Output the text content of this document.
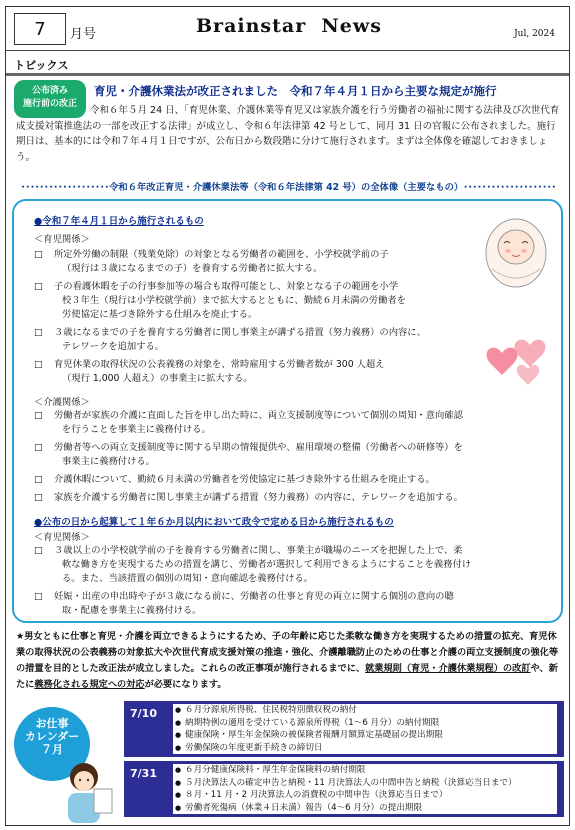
7 月号	Brainstar  News	Jul, 2024
トピックス
公布済み
施行前の改正
育児・介護休業法が改正されました　令和７年４月１日から主要な規定が施行
令和６年５月 24 日、「育児休業、介護休業等育児又は家族介護を行う労働者の福祉に関する法律及び次世代育成支援対策推進法の一部を改正する法律」が成立し、令和６年法律第 42 号として、同月 31 日の官報に公布されました。施行期日は、基本的には令和７年４月１日ですが、公布日から数段階に分けて施行されます。まずは全体像を確認しておきましょう。
･･･････････････････令和６年改正育児・介護休業法等（令和６年法律第 42 号）の全体像（主要なもの）････････････････････
●令和７年４月１日から施行されるもの
＜育児関係＞
＜介護関係＞
●公布の日から起算して１年６か月以内において政令で定める日から施行されるもの
＜育児関係＞
□ 所定外労働の制限（残業免除）の対象となる労働者の範囲を、小学校就学前の子
（現行は３歳になるまでの子）を養育する労働者に拡大する。
□ 子の看護休暇を子の行事参加等の場合も取得可能とし、対象となる子の範囲を小学
校３年生（現行は小学校就学前）まで拡大するとともに、勤続６月未満の労働者を
労使協定に基づき除外する仕組みを廃止する。
□ ３歳になるまでの子を養育する労働者に関し事業主が講ずる措置（努力義務）の内容に、
テレワークを追加する。
□ 育児休業の取得状況の公表義務の対象を、常時雇用する労働者数が 300 人超え
（現行 1,000 人超え）の事業主に拡大する。
□ 労働者が家族の介護に直面した旨を申し出た時に、両立支援制度等について個別の周知・意向確認
を行うことを事業主に義務付ける。
□ 労働者等への両立支援制度等に関する早期の情報提供や、雇用環境の整備（労働者への研修等）を
事業主に義務付ける。
□ 介護休暇について、勤続６月未満の労働者を労使協定に基づき除外する仕組みを廃止する。
□ 家族を介護する労働者に関し事業主が講ずる措置（努力義務）の内容に、テレワークを追加する。
□ ３歳以上の小学校就学前の子を養育する労働者に関し、事業主が職場のニーズを把握した上で、柔
軟な働き方を実現するための措置を講じ、労働者が選択して利用できるようにすることを義務付け
る。また、当該措置の個別の周知・意向確認を義務付ける。
□ 妊娠・出産の申出時や子が３歳になる前に、労働者の仕事と育児の両立に関する個別の意向の聴
取・配慮を事業主に義務付ける。
★男女ともに仕事と育児・介護を両立できるようにするため、子の年齢に応じた柔軟な働き方を実現するための措置の拡充、育児休業の取得状況の公表義務の対象拡大や次世代育成支援対策の推進・強化、介護離職防止のための仕事と介護の両立支援制度の強化等の措置を目的とした改正法が成立しました。これらの改正事項が施行されるまでに、就業規則（育児・介護休業規程）の改訂や、新たに義務化される規定への対応が必要になります。
お仕事
カレンダー
７月
7/10	● ６月分源泉所得税、住民税特別徴収税の納付
● 納期特例の適用を受けている源泉所得税（1〜6 月分）の納付期限
● 健康保険・厚生年金保険の被保険者報酬月額算定基礎届の提出期限
● 労働保険の年度更新手続きの締切日
7/31	● ６月分健康保険料・厚生年金保険料の納付期限
● ５月決算法人の確定申告と納税・11 月決算法人の中間申告と納税（決算応当日まで）
● ８月・11 月・2 月決算法人の消費税の中間申告（決算応当日まで）
● 労働者死傷病（休業４日未満）報告（4〜6 月分）の提出期限
